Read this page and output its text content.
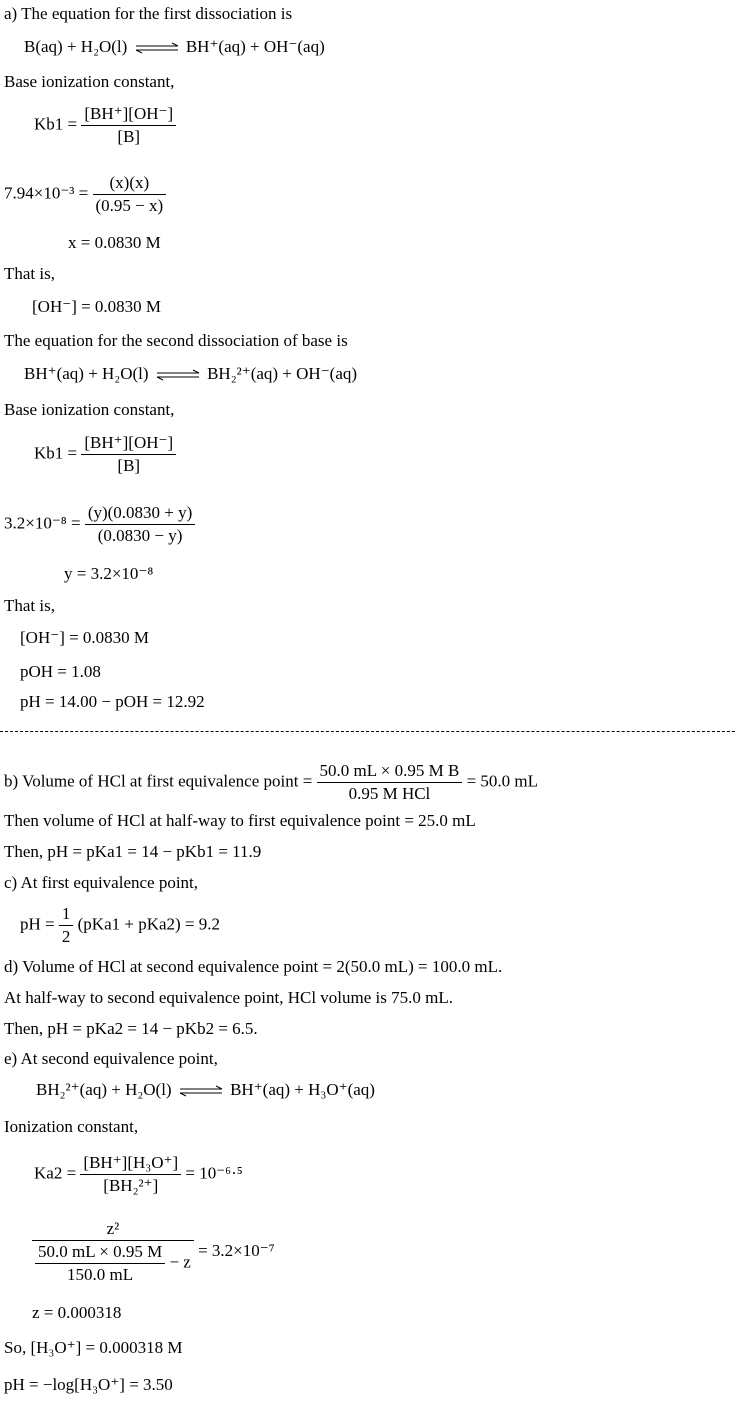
a) The equation for the first dissociation is
B(aq) + H₂O(l) ⇌ BH⁺(aq) + OH⁻(aq)
Base ionization constant,
$Kb1 = \frac{[BH^+][OH^-]}{[B]}$
$7.94\times 10^{-3} = \frac{(x)(x)}{(0.95 - x)}$
x = 0.0830 M
That is,
[OH⁻] = 0.0830 M
The equation for the second dissociation of base is
BH⁺(aq) + H₂O(l) ⇌ BH₂²⁺(aq) + OH⁻(aq)
Base ionization constant,
$Kb1 = \frac{[BH^+][OH^-]}{[B]}$
$3.2\times 10^{-8} = \frac{(y)(0.0830 + y)}{(0.0830 - y)}$
y = 3.2×10⁻⁸
That is,
[OH⁻] = 0.0830 M
pOH = 1.08
pH = 14.00 − pOH = 12.92
b) Volume of HCl at first equivalence point = $\frac{\text{50.0 mL × 0.95 M B}}{\text{0.95 M HCl}} = 50.0$ mL
Then volume of HCl at half-way to first equivalence point = 25.0 mL
Then, pH = pKa1 = 14 − pKb1 = 11.9
c) At first equivalence point,
pH = $\frac{1}{2} (pKa1 + pKa2) = 9.2$
d) Volume of HCl at second equivalence point = 2(50.0 mL) = 100.0 mL.
At half-way to second equivalence point, HCl volume is 75.0 mL.
Then, pH = pKa2 = 14 − pKb2 = 6.5.
e) At second equivalence point,
BH₂²⁺(aq) + H₂O(l) ⇌ BH⁺(aq) + H₃O⁺(aq)
Ionization constant,
$Ka2 = \frac{\text{[BH⁺][H₃O⁺]}}{\text{[BH₂²⁺]}} = 10^{-6}\cdot^5$
$\frac{\text{z²}}{\frac{50.0 mL \times 0.95 M}{150.0 mL} - z} = 3.2\times 10^{-7}$
z = 0.000318
So, [H₃O⁺] = 0.000318 M
pH = −log[H₃O⁺] = 3.50
